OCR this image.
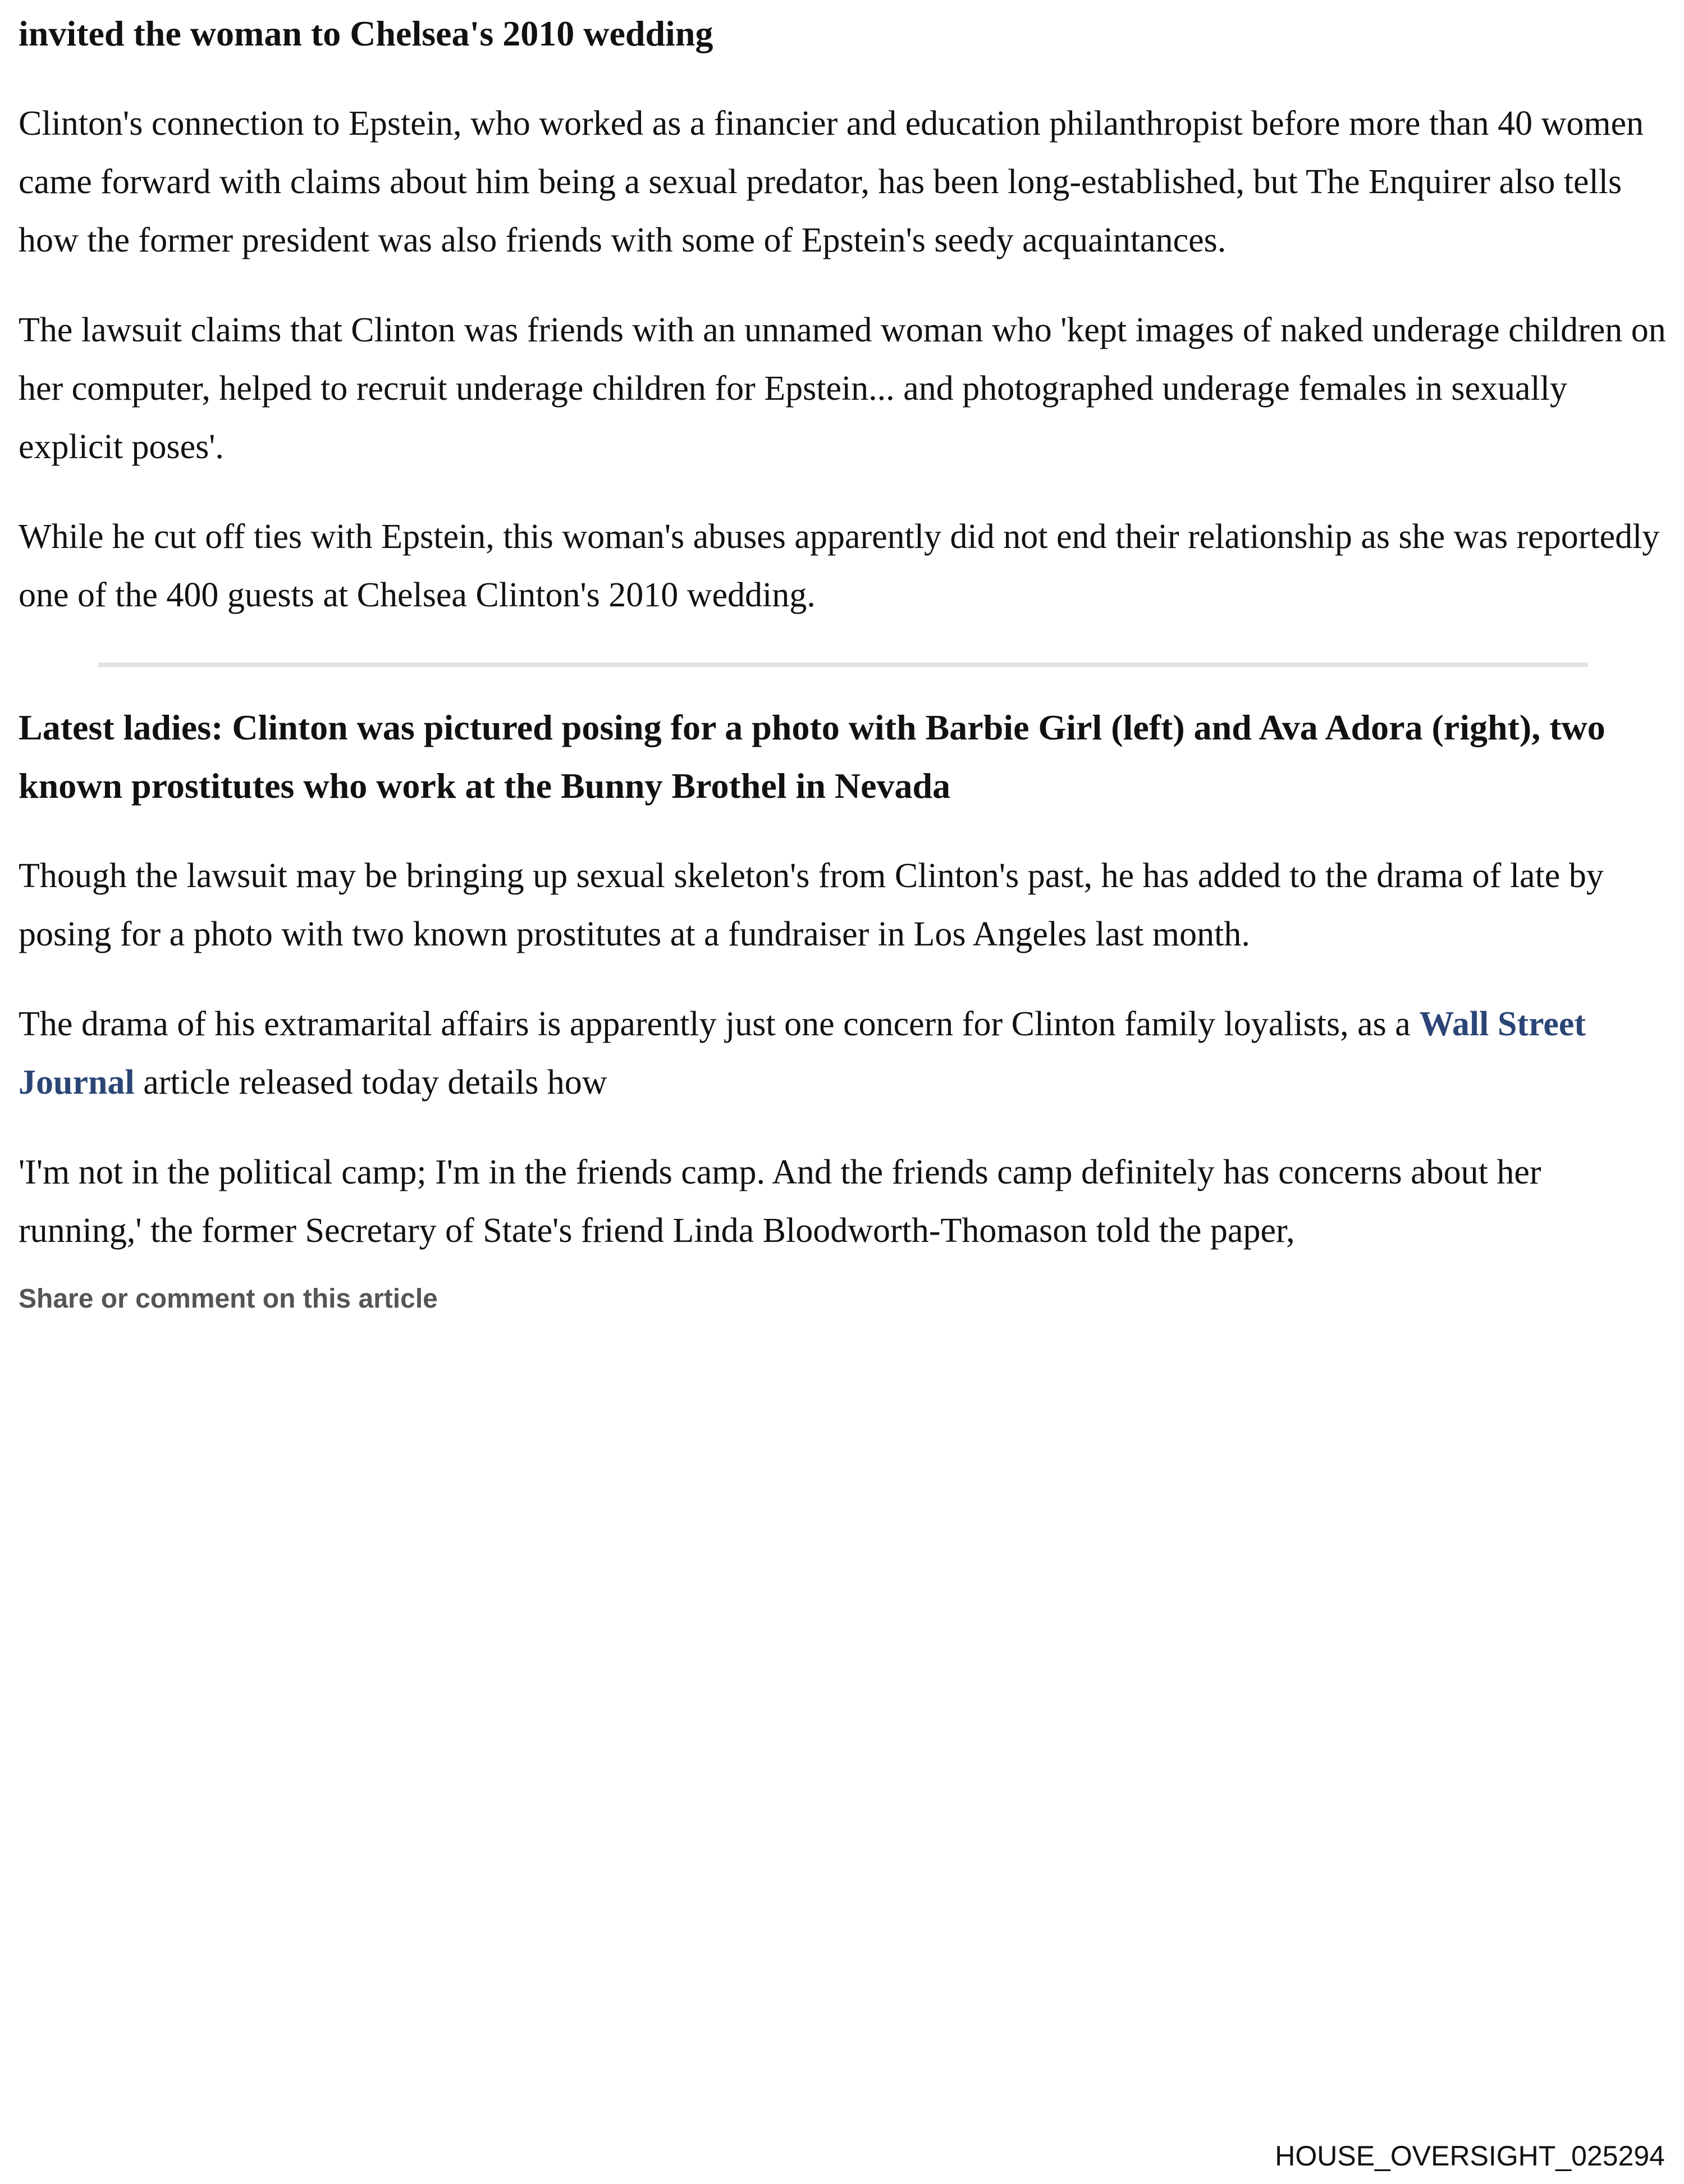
invited the woman to Chelsea's 2010 wedding

Clinton's connection to Epstein, who worked as a financier and education philanthropist before more than 40 women came forward with claims about him being a sexual predator, has been long-established, but The Enquirer also tells how the former president was also friends with some of Epstein's seedy acquaintances.

The lawsuit claims that Clinton was friends with an unnamed woman who 'kept images of naked underage children on her computer, helped to recruit underage children for Epstein... and photographed underage females in sexually explicit poses'.

While he cut off ties with Epstein, this woman's abuses apparently did not end their relationship as she was reportedly one of the 400 guests at Chelsea Clinton's 2010 wedding.

Latest ladies: Clinton was pictured posing for a photo with Barbie Girl (left) and Ava Adora (right), two known prostitutes who work at the Bunny Brothel in Nevada

Though the lawsuit may be bringing up sexual skeleton's from Clinton's past, he has added to the drama of late by posing for a photo with two known prostitutes at a fundraiser in Los Angeles last month.

The drama of his extramarital affairs is apparently just one concern for Clinton family loyalists, as a Wall Street Journal article released today details how

'I'm not in the political camp; I'm in the friends camp. And the friends camp definitely has concerns about her running,' the former Secretary of State's friend Linda Bloodworth-Thomason told the paper,

Share or comment on this article
HOUSE_OVERSIGHT_025294
